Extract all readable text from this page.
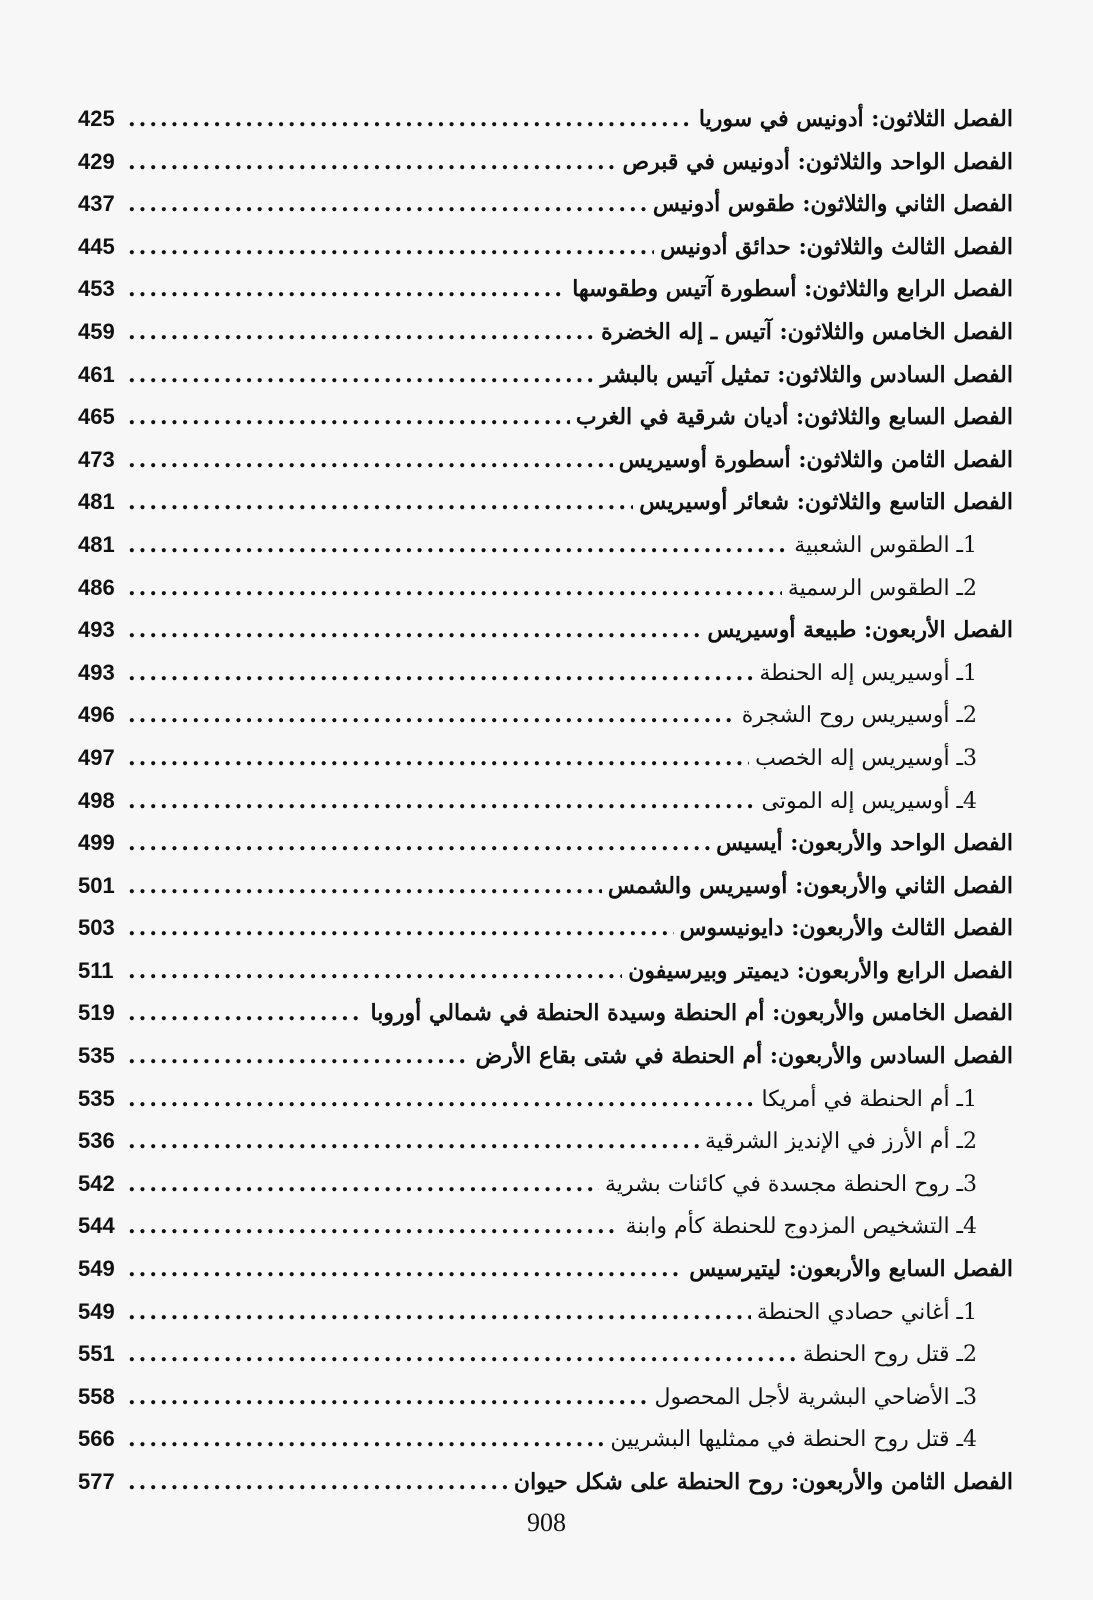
الفصل الثلاثون: أدونيس في سوريا
.....
425
الفصل الواحد والثلاثون: أدونيس في قبرص
.....
429
الفصل الثاني والثلاثون: طقوس أدونيس
.....
437
الفصل الثالث والثلاثون: حدائق أدونيس
.....
445
الفصل الرابع والثلاثون: أسطورة آتيس وطقوسها
.....
453
الفصل الخامس والثلاثون: آتيس ـ إله الخضرة
.....
459
الفصل السادس والثلاثون: تمثيل آتيس بالبشر
.....
461
الفصل السابع والثلاثون: أديان شرقية في الغرب
.....
465
الفصل الثامن والثلاثون: أسطورة أوسيريس
.....
473
الفصل التاسع والثلاثون: شعائر أوسيريس
.....
481
1ـ الطقوس الشعبية
.....
481
2ـ الطقوس الرسمية
.....
486
الفصل الأربعون: طبيعة أوسيريس
.....
493
1ـ أوسيريس إله الحنطة
.....
493
2ـ أوسيريس روح الشجرة
.....
496
3ـ أوسيريس إله الخصب
.....
497
4ـ أوسيريس إله الموتى
.....
498
الفصل الواحد والأربعون: أيسيس
.....
499
الفصل الثاني والأربعون: أوسيريس والشمس
.....
501
الفصل الثالث والأربعون: دايونيسوس
.....
503
الفصل الرابع والأربعون: ديميتر وبيرسيفون
.....
511
الفصل الخامس والأربعون: أم الحنطة وسيدة الحنطة في شمالي أوروبا
.....
519
الفصل السادس والأربعون: أم الحنطة في شتى بقاع الأرض
.....
535
1ـ أم الحنطة في أمريكا
.....
535
2ـ أم الأرز في الإنديز الشرقية
.....
536
3ـ روح الحنطة مجسدة في كائنات بشرية
.....
542
4ـ التشخيص المزدوج للحنطة كأم وابنة
.....
544
الفصل السابع والأربعون: ليتيرسيس
.....
549
1ـ أغاني حصادي الحنطة
.....
549
2ـ قتل روح الحنطة
.....
551
3ـ الأضاحي البشرية لأجل المحصول
.....
558
4ـ قتل روح الحنطة في ممثليها البشريين
.....
566
الفصل الثامن والأربعون: روح الحنطة على شكل حيوان
.....
577
908
